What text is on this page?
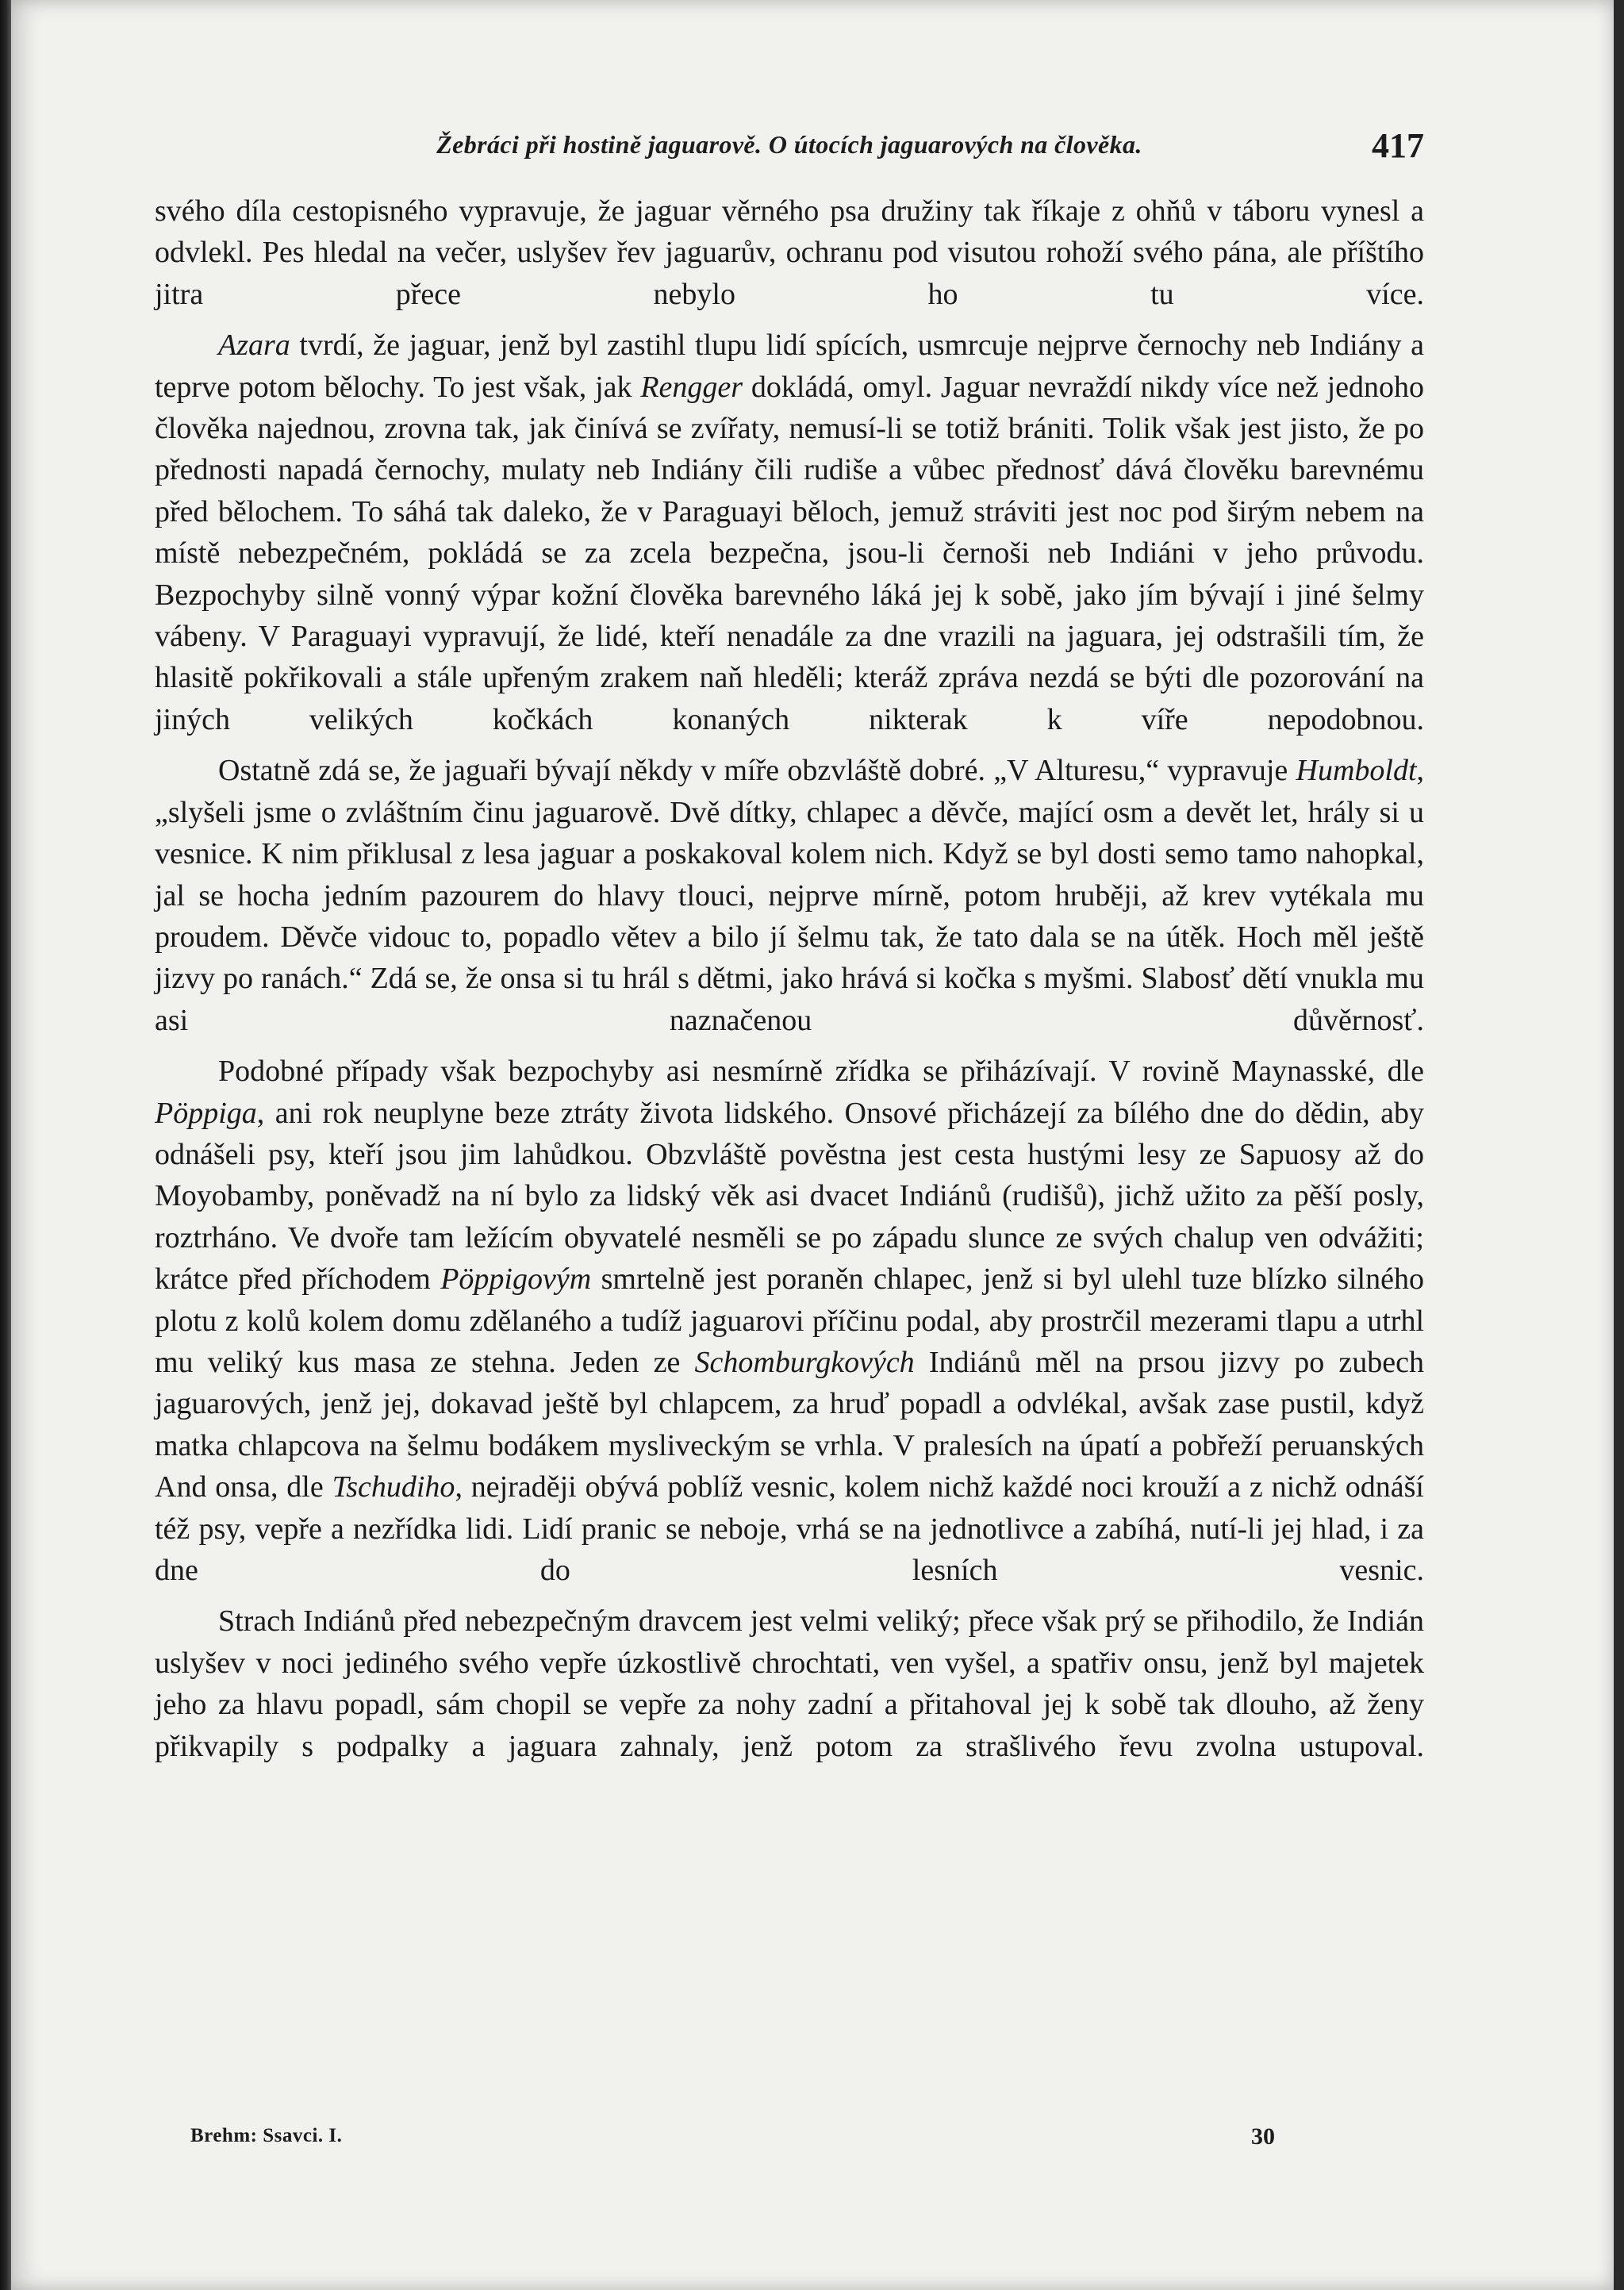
Žebráci při hostině jaguarově. O útocích jaguarových na člověka.	417

svého díla cestopisného vypravuje, že jaguar věrného psa družiny tak říkaje z ohňů v táboru vynesl a odvlekl. Pes hledal na večer, uslyšev řev jaguarův, ochranu pod visutou rohoží svého pána, ale příštího jitra přece nebylo ho tu více.

Azara tvrdí, že jaguar, jenž byl zastihl tlupu lidí spících, usmrcuje nejprve černochy neb Indiány a teprve potom bělochy. To jest však, jak Rengger dokládá, omyl. Jaguar nevraždí nikdy více než jednoho člověka najednou, zrovna tak, jak činívá se zvířaty, nemusí-li se totiž brániti. Tolik však jest jisto, že po přednosti napadá černochy, mulaty neb Indiány čili rudiše a vůbec přednosť dává člověku barevnému před bělochem. To sáhá tak daleko, že v Paraguayi běloch, jemuž stráviti jest noc pod širým nebem na místě nebezpečném, pokládá se za zcela bezpečna, jsou-li černoši neb Indiáni v jeho průvodu. Bezpochyby silně vonný výpar kožní člověka barevného láká jej k sobě, jako jím bývají i jiné šelmy vábeny. V Paraguayi vypravují, že lidé, kteří nenadále za dne vrazili na jaguara, jej odstrašili tím, že hlasitě pokřikovali a stále upřeným zrakem naň hleděli; kteráž zpráva nezdá se býti dle pozorování na jiných velikých kočkách konaných nikterak k víře nepodobnou.

Ostatně zdá se, že jaguaři bývají někdy v míře obzvláště dobré. „V Alturesu,“ vypravuje Humboldt, „slyšeli jsme o zvláštním činu jaguarově. Dvě dítky, chlapec a děvče, mající osm a devět let, hrály si u vesnice. K nim přiklusal z lesa jaguar a poskakoval kolem nich. Když se byl dosti semo tamo nahopkal, jal se hocha jedním pazourem do hlavy tlouci, nejprve mírně, potom hruběji, až krev vytékala mu proudem. Děvče vidouc to, popadlo větev a bilo jí šelmu tak, že tato dala se na útěk. Hoch měl ještě jizvy po ranách.“ Zdá se, že onsa si tu hrál s dětmi, jako hrává si kočka s myšmi. Slabosť dětí vnukla mu asi naznačenou důvěrnosť.

Podobné případy však bezpochyby asi nesmírně zřídka se přiházívají. V rovině Maynasské, dle Pöppiga, ani rok neuplyne beze ztráty života lidského. Onsové přicházejí za bílého dne do dědin, aby odnášeli psy, kteří jsou jim lahůdkou. Obzvláště pověstna jest cesta hustými lesy ze Sapuosy až do Moyobamby, poněvadž na ní bylo za lidský věk asi dvacet Indiánů (rudišů), jichž užito za pěší posly, roztrháno. Ve dvoře tam ležícím obyvatelé nesměli se po západu slunce ze svých chalup ven odvážiti; krátce před příchodem Pöppigovým smrtelně jest poraněn chlapec, jenž si byl ulehl tuze blízko silného plotu z kolů kolem domu zdělaného a tudíž jaguarovi příčinu podal, aby prostrčil mezerami tlapu a utrhl mu veliký kus masa ze stehna. Jeden ze Schomburgkových Indiánů měl na prsou jizvy po zubech jaguarových, jenž jej, dokavad ještě byl chlapcem, za hruď popadl a odvlékal, avšak zase pustil, když matka chlapcova na šelmu bodákem mysliveckým se vrhla. V pralesích na úpatí a pobřeží peruanských And onsa, dle Tschudiho, nejraději obývá poblíž vesnic, kolem nichž každé noci krouží a z nichž odnáší též psy, vepře a nezřídka lidi. Lidí pranic se neboje, vrhá se na jednotlivce a zabíhá, nutí-li jej hlad, i za dne do lesních vesnic.

Strach Indiánů před nebezpečným dravcem jest velmi veliký; přece však prý se přihodilo, že Indián uslyšev v noci jediného svého vepře úzkostlivě chrochtati, ven vyšel, a spatřiv onsu, jenž byl majetek jeho za hlavu popadl, sám chopil se vepře za nohy zadní a přitahoval jej k sobě tak dlouho, až ženy přikvapily s podpalky a jaguara zahnaly, jenž potom za strašlivého řevu zvolna ustupoval.

Brehm: Ssavci. I.	30
